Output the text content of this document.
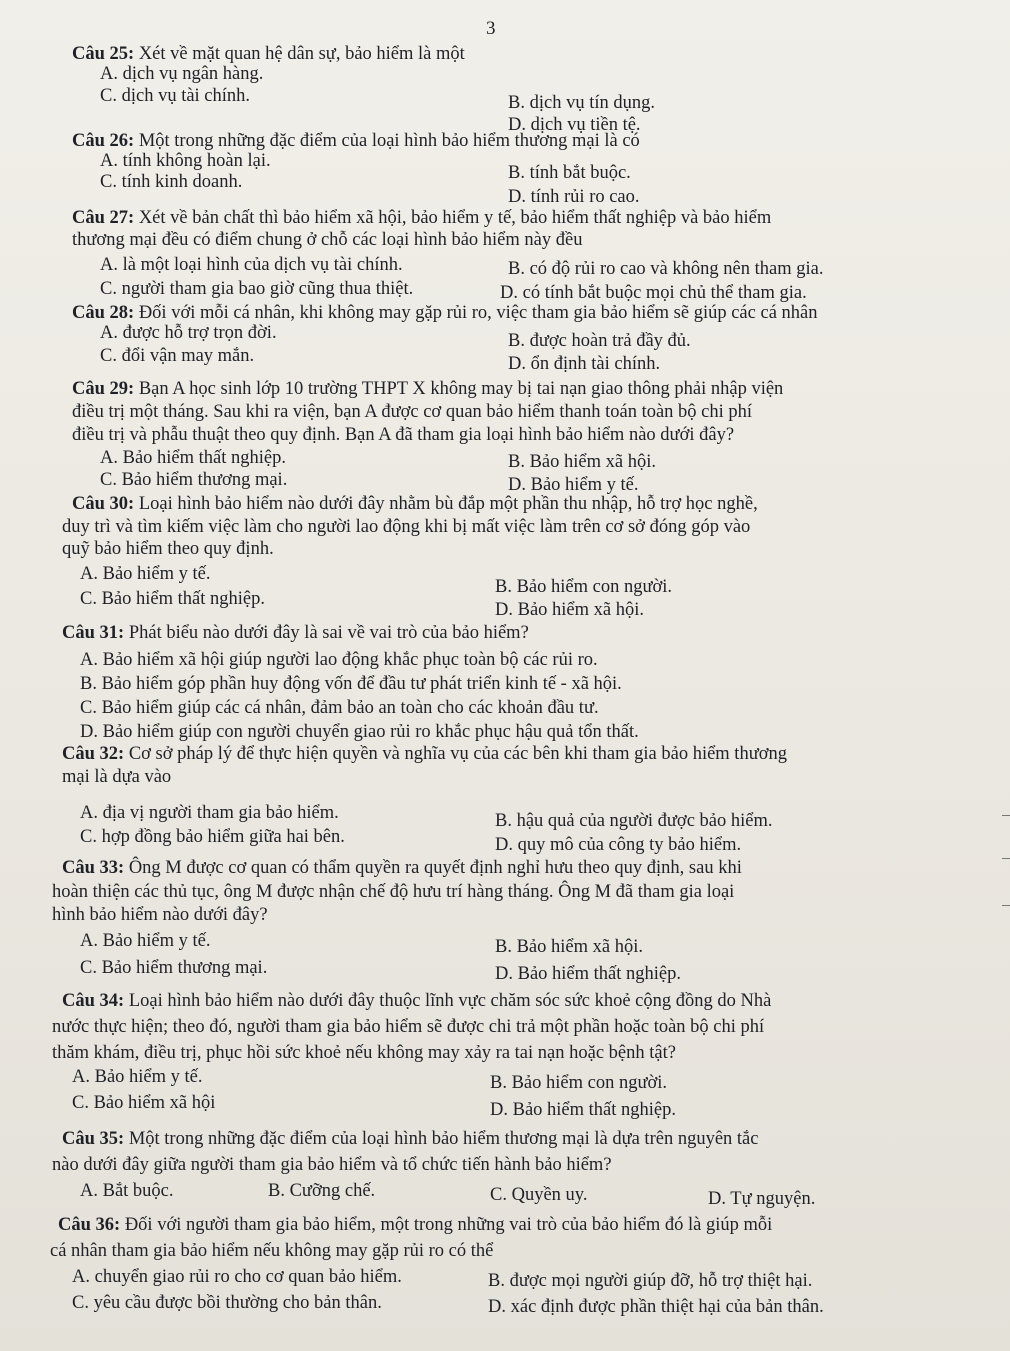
3
Câu 25: Xét về mặt quan hệ dân sự, bảo hiểm là một
A. dịch vụ ngân hàng.
C. dịch vụ tài chính.	B. dịch vụ tín dụng.
D. dịch vụ tiền tệ.
Câu 26: Một trong những đặc điểm của loại hình bảo hiểm thương mại là có
A. tính không hoàn lại.
C. tính kinh doanh.	B. tính bắt buộc.
D. tính rủi ro cao.
Câu 27: Xét về bản chất thì bảo hiểm xã hội, bảo hiểm y tế, bảo hiểm thất nghiệp và bảo hiểm
thương mại đều có điểm chung ở chỗ các loại hình bảo hiểm này đều
A. là một loại hình của dịch vụ tài chính.	B. có độ rủi ro cao và không nên tham gia.
C. người tham gia bao giờ cũng thua thiệt.	D. có tính bắt buộc mọi chủ thể tham gia.
Câu 28: Đối với mỗi cá nhân, khi không may gặp rủi ro, việc tham gia bảo hiểm sẽ giúp các cá nhân
A. được hỗ trợ trọn đời.	B. được hoàn trả đầy đủ.
C. đổi vận may mắn.	D. ổn định tài chính.
Câu 29: Bạn A học sinh lớp 10 trường THPT X không may bị tai nạn giao thông phải nhập viện
điều trị một tháng. Sau khi ra viện, bạn A được cơ quan bảo hiểm thanh toán toàn bộ chi phí
điều trị và phẫu thuật theo quy định. Bạn A đã tham gia loại hình bảo hiểm nào dưới đây?
A. Bảo hiểm thất nghiệp.	B. Bảo hiểm xã hội.
C. Bảo hiểm thương mại.	D. Bảo hiểm y tế.
Câu 30: Loại hình bảo hiểm nào dưới đây nhằm bù đắp một phần thu nhập, hỗ trợ học nghề,
duy trì và tìm kiếm việc làm cho người lao động khi bị mất việc làm trên cơ sở đóng góp vào
quỹ bảo hiểm theo quy định.
A. Bảo hiểm y tế.
B. Bảo hiểm con người.
C. Bảo hiểm thất nghiệp.
D. Bảo hiểm xã hội.
Câu 31: Phát biểu nào dưới đây là sai về vai trò của bảo hiểm?
A. Bảo hiểm xã hội giúp người lao động khắc phục toàn bộ các rủi ro.
B. Bảo hiểm góp phần huy động vốn để đầu tư phát triển kinh tế - xã hội.
C. Bảo hiểm giúp các cá nhân, đảm bảo an toàn cho các khoản đầu tư.
D. Bảo hiểm giúp con người chuyển giao rủi ro khắc phục hậu quả tổn thất.
Câu 32: Cơ sở pháp lý để thực hiện quyền và nghĩa vụ của các bên khi tham gia bảo hiểm thương
mại là dựa vào
A. địa vị người tham gia bảo hiểm.	B. hậu quả của người được bảo hiểm.
C. hợp đồng bảo hiểm giữa hai bên.	D. quy mô của công ty bảo hiểm.
Câu 33: Ông M được cơ quan có thẩm quyền ra quyết định nghỉ hưu theo quy định, sau khi
hoàn thiện các thủ tục, ông M được nhận chế độ hưu trí hàng tháng. Ông M đã tham gia loại
hình bảo hiểm nào dưới đây?
A. Bảo hiểm y tế.	B. Bảo hiểm xã hội.
C. Bảo hiểm thương mại.	D. Bảo hiểm thất nghiệp.
Câu 34: Loại hình bảo hiểm nào dưới đây thuộc lĩnh vực chăm sóc sức khoẻ cộng đồng do Nhà
nước thực hiện; theo đó, người tham gia bảo hiểm sẽ được chi trả một phần hoặc toàn bộ chi phí
thăm khám, điều trị, phục hồi sức khoẻ nếu không may xảy ra tai nạn hoặc bệnh tật?
A. Bảo hiểm y tế.	B. Bảo hiểm con người.
C. Bảo hiểm xã hội	D. Bảo hiểm thất nghiệp.
Câu 35: Một trong những đặc điểm của loại hình bảo hiểm thương mại là dựa trên nguyên tắc
nào dưới đây giữa người tham gia bảo hiểm và tổ chức tiến hành bảo hiểm?
A. Bắt buộc.	B. Cưỡng chế.	C. Quyền uy.	D. Tự nguyện.
Câu 36: Đối với người tham gia bảo hiểm, một trong những vai trò của bảo hiểm đó là giúp mỗi
cá nhân tham gia bảo hiểm nếu không may gặp rủi ro có thể
A. chuyển giao rủi ro cho cơ quan bảo hiểm.	B. được mọi người giúp đỡ, hỗ trợ thiệt hại.
C. yêu cầu được bồi thường cho bản thân.	D. xác định được phần thiệt hại của bản thân.
